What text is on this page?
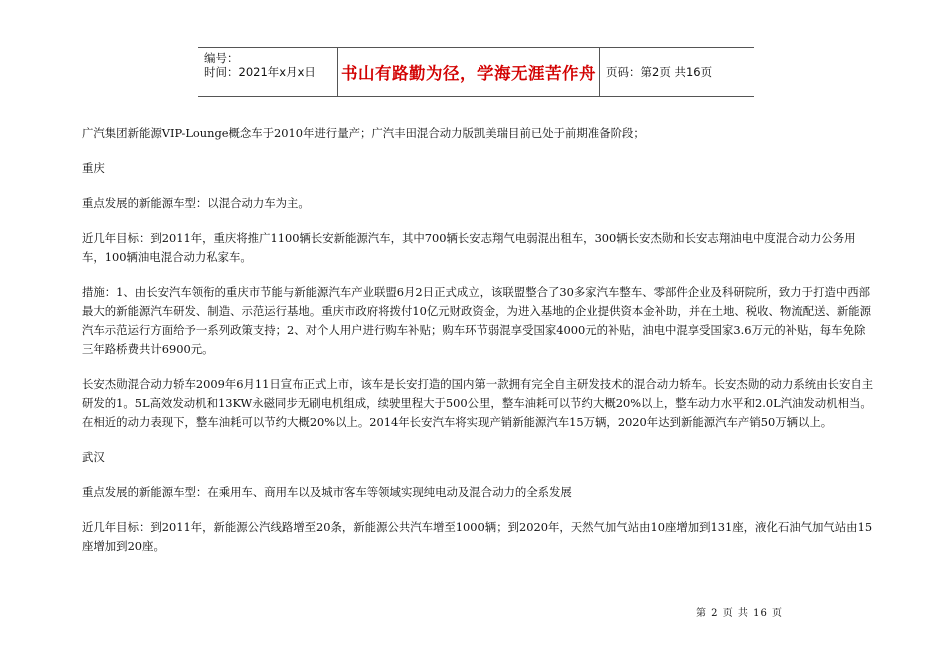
编号：
时间：2021年x月x日	书山有路勤为径，学海无涯苦作舟 页码：第2页 共16页

广汽集团新能源VIP-Lounge概念车于2010年进行量产；广汽丰田混合动力版凯美瑞目前已处于前期准备阶段；

重庆

重点发展的新能源车型：以混合动力车为主。

近几年目标：到2011年，重庆将推广1100辆长安新能源汽车，其中700辆长安志翔气电弱混出租车，300辆长安杰勋和长安志翔油电中度混合动力公务用车，100辆油电混合动力私家车。

措施：1、由长安汽车领衔的重庆市节能与新能源汽车产业联盟6月2日正式成立，该联盟整合了30多家汽车整车、零部件企业及科研院所，致力于打造中西部最大的新能源汽车研发、制造、示范运行基地。重庆市政府将拨付10亿元财政资金，为进入基地的企业提供资本金补助，并在土地、税收、物流配送、新能源汽车示范运行方面给予一系列政策支持；2、对个人用户进行购车补贴；购车环节弱混享受国家4000元的补贴，油电中混享受国家3.6万元的补贴，每车免除三年路桥费共计6900元。

长安杰勋混合动力轿车2009年6月11日宣布正式上市，该车是长安打造的国内第一款拥有完全自主研发技术的混合动力轿车。长安杰勋的动力系统由长安自主研发的1。5L高效发动机和13KW永磁同步无刷电机组成，续驶里程大于500公里，整车油耗可以节约大概20%以上，整车动力水平和2.0L汽油发动机相当。在相近的动力表现下，整车油耗可以节约大概20%以上。2014年长安汽车将实现产销新能源汽车15万辆，2020年达到新能源汽车产销50万辆以上。

武汉

重点发展的新能源车型：在乘用车、商用车以及城市客车等领域实现纯电动及混合动力的全系发展

近几年目标：到2011年，新能源公汽线路增至20条，新能源公共汽车增至1000辆；到2020年，天然气加气站由10座增加到131座，液化石油气加气站由15座增加到20座。

第 2 页 共 16 页
